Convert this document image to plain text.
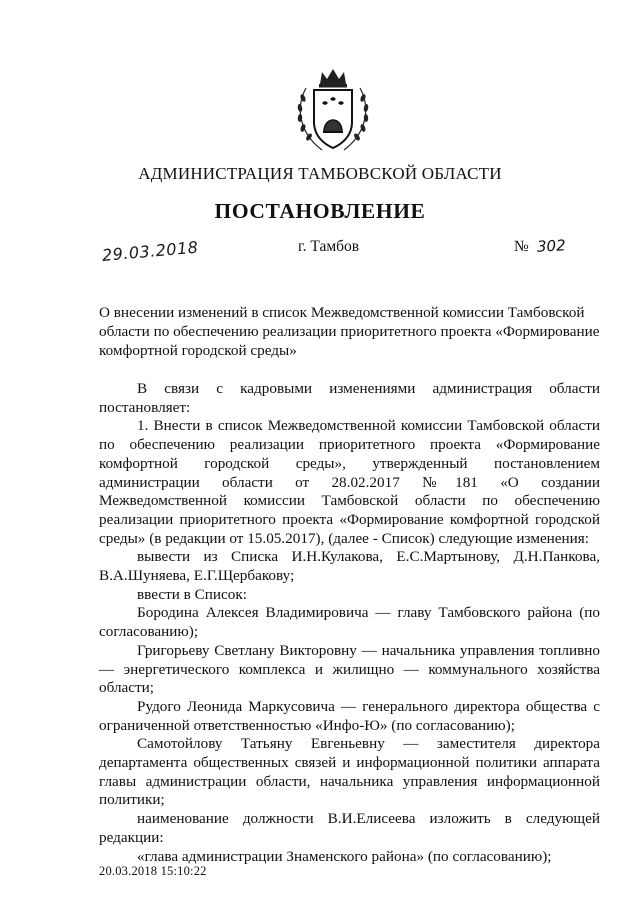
АДМИНИСТРАЦИЯ ТАМБОВСКОЙ ОБЛАСТИ
ПОСТАНОВЛЕНИЕ
29.03.2018	г. Тамбов	№ 302
О внесении изменений в список Межведомственной комиссии Тамбовской области по обеспечению реализации приоритетного проекта «Формирование комфортной городской среды»

В связи с кадровыми изменениями администрация области постановляет:

1. Внести в список Межведомственной комиссии Тамбовской области по обеспечению реализации приоритетного проекта «Формирование комфортной городской среды», утвержденный постановлением администрации области от 28.02.2017 №181 «О создании Межведомственной комиссии Тамбовской области по обеспечению реализации приоритетного проекта «Формирование комфортной городской среды» (в редакции от 15.05.2017), (далее - Список) следующие изменения:

вывести из Списка И.Н.Кулакова, Е.С.Мартынову, Д.Н.Панкова, В.А.Шуняева, Е.Г.Щербакову;

ввести в Список:

Бородина Алексея Владимировича — главу Тамбовского района (по согласованию);

Григорьеву Светлану Викторовну — начальника управления топливно — энергетического комплекса и жилищно — коммунального хозяйства области;

Рудого Леонида Маркусовича — генерального директора общества с ограниченной ответственностью «Инфо-Ю» (по согласованию);

Самотойлову Татьяну Евгеньевну — заместителя директора департамента общественных связей и информационной политики аппарата главы администрации области, начальника управления информационной политики;

наименование должности В.И.Елисеева изложить в следующей редакции:

«глава администрации Знаменского района» (по согласованию);

20.03.2018 15:10:22
